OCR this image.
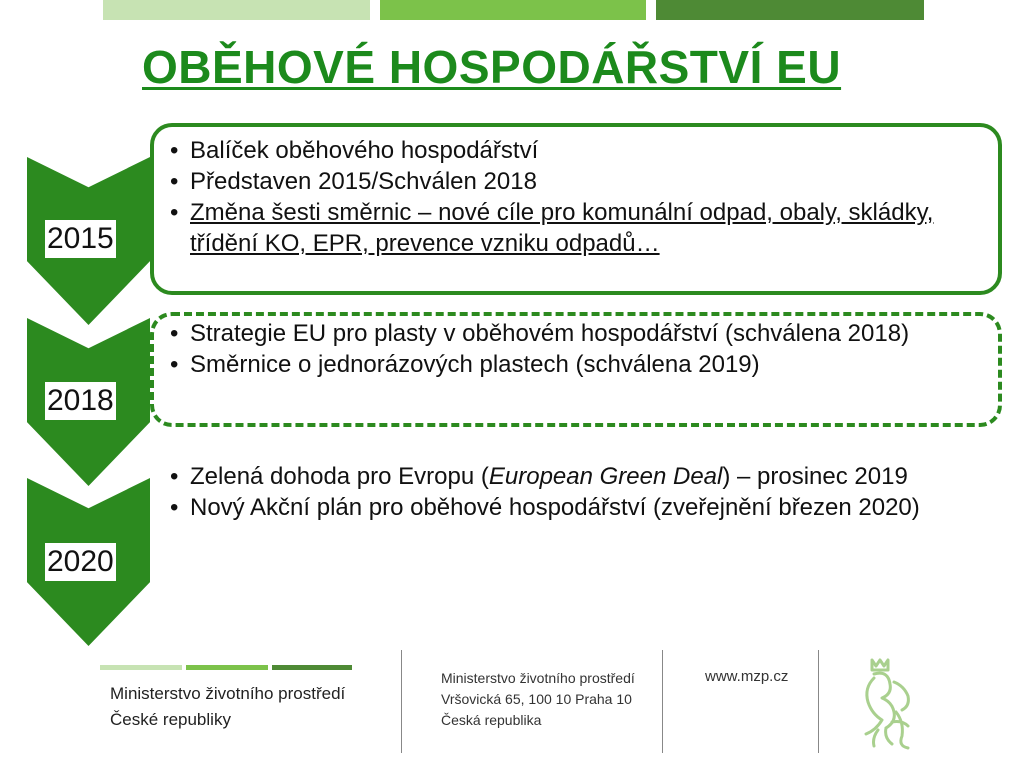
OBĚHOVÉ HOSPODÁŘSTVÍ EU
2015
2018
2020
• Balíček oběhového hospodářství
• Představen 2015/Schválen 2018
• Změna šesti směrnic – nové cíle pro komunální odpad, obaly, skládky, třídění KO, EPR, prevence vzniku odpadů…
• Strategie EU pro plasty v oběhovém hospodářství (schválena 2018)
• Směrnice o jednorázových plastech (schválena 2019)
• Zelená dohoda pro Evropu (European Green Deal) – prosinec 2019
• Nový Akční plán pro oběhové hospodářství (zveřejnění březen 2020)
Ministerstvo životního prostředí
České republiky
Ministerstvo životního prostředí
Vršovická 65, 100 10 Praha 10
Česká republika
www.mzp.cz
